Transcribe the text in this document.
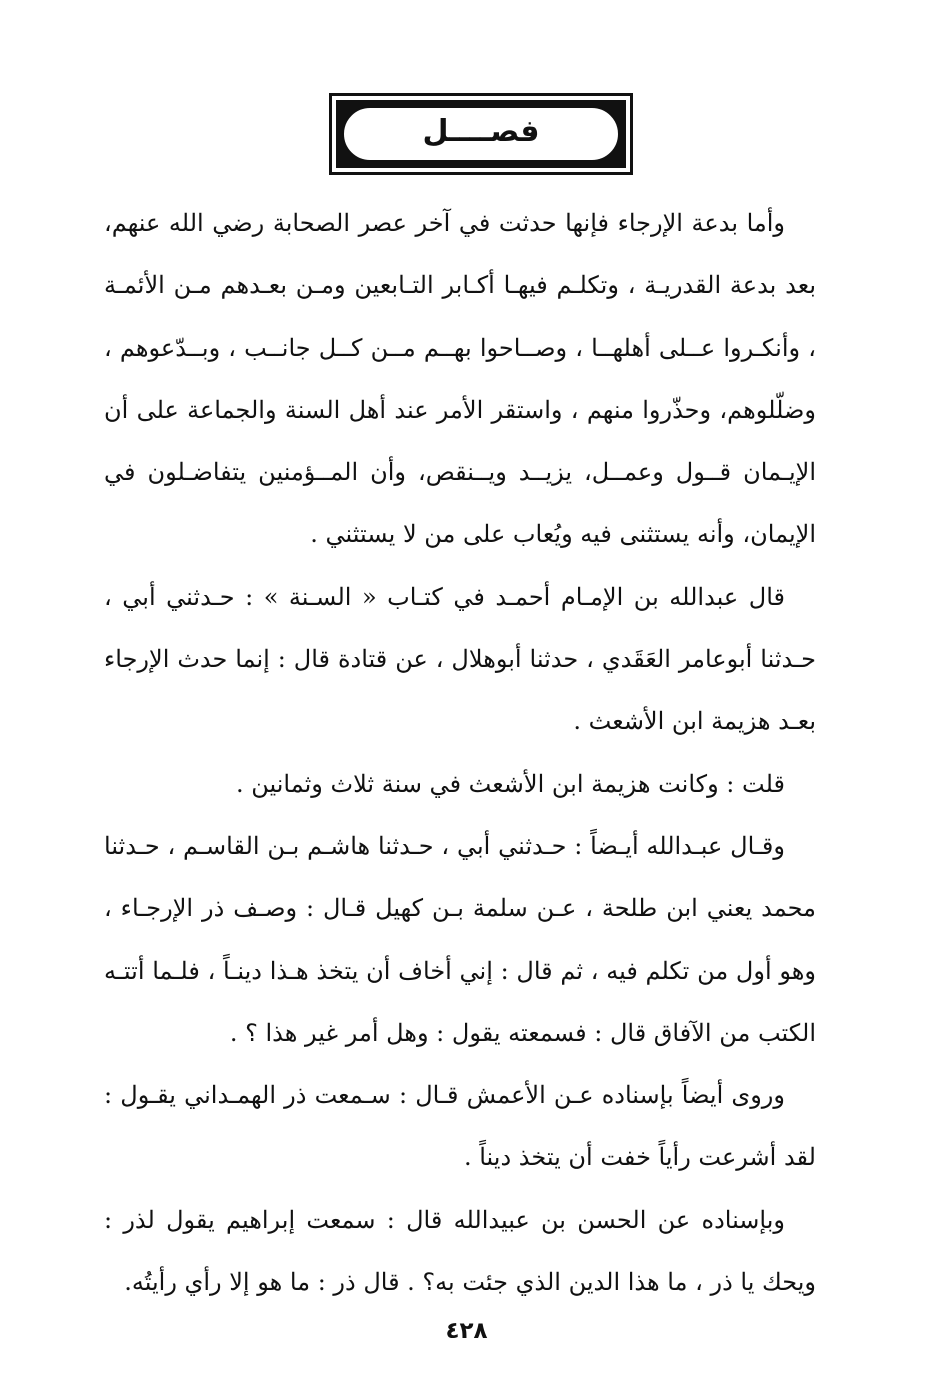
فصــــل

وأما بدعة الإرجاء فإنها حدثت في آخر عصر الصحابة رضي الله عنهم، بعد بدعة القدريـة ، وتكلـم فيهـا أكـابر التـابعين ومـن بعـدهم مـن الأئمـة ، وأنكـروا عــلى أهلهــا ، وصــاحوا بهــم مــن كــل جانــب ، وبــدّعوهم ، وضلّلوهم، وحذّروا منهم ، واستقر الأمر عند أهل السنة والجماعة على أن الإيـمان قــول وعمــل، يزيــد ويــنقص، وأن المــؤمنين يتفاضـلون في الإيمان، وأنه يستثنى فيه ويُعاب على من لا يستثني .

قال عبدالله بن الإمـام أحمـد في كتـاب « السـنة » : حـدثني أبي ، حـدثنا أبوعامر العَقَدي ، حدثنا أبوهلال ، عن قتادة قال : إنما حدث الإرجاء بعـد هزيمة ابن الأشعث .

قلت : وكانت هزيمة ابن الأشعث في سنة ثلاث وثمانين .

وقـال عبـدالله أيـضاً : حـدثني أبي ، حـدثنا هاشـم بـن القاسـم ، حـدثنا محمد يعني ابن طلحة ، عـن سلمة بـن كهيل قـال : وصـف ذر الإرجـاء ، وهو أول من تكلم فيه ، ثم قال : إني أخاف أن يتخذ هـذا دينـاً ، فلـما أتتـه الكتب من الآفاق قال : فسمعته يقول : وهل أمر غير هذا ؟ .

وروى أيضاً بإسناده عـن الأعمش قـال : سـمعت ذر الهمـداني يقـول : لقد أشرعت رأياً خفت أن يتخذ ديناً .

وبإسناده عن الحسن بن عبيدالله قال : سمعت إبراهيم يقول لذر : ويحك يا ذر ، ما هذا الدين الذي جئت به؟ . قال ذر : ما هو إلا رأي رأيتُه.

٤٢٨
